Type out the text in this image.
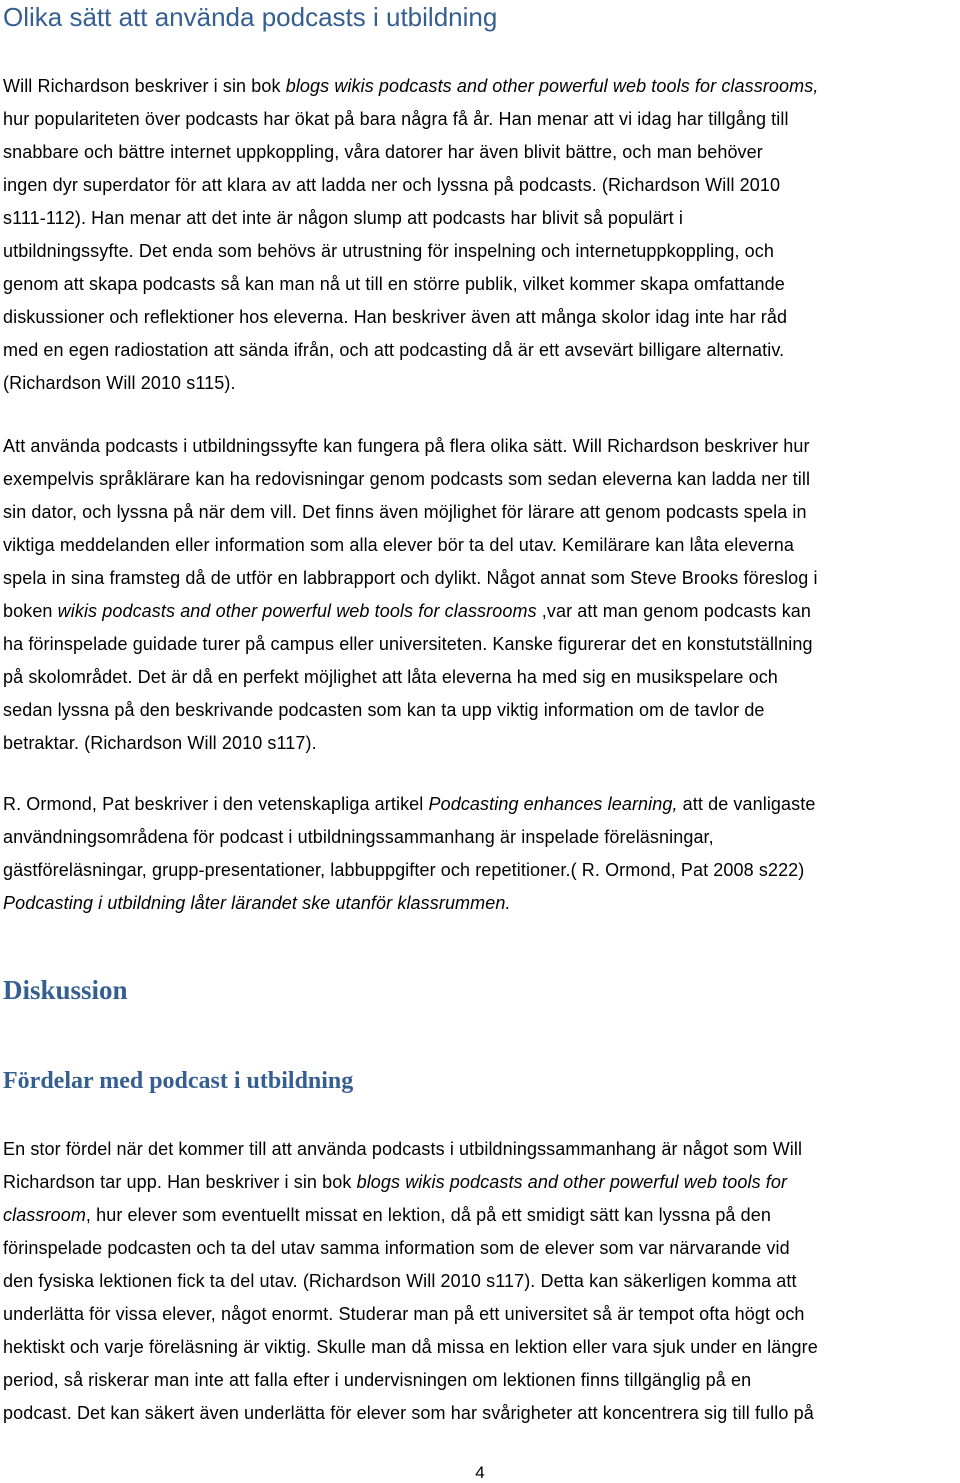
Olika sätt att använda podcasts i utbildning

Will Richardson beskriver i sin bok blogs wikis podcasts and other powerful web tools for classrooms,
hur populariteten över podcasts har ökat på bara några få år. Han menar att vi idag har tillgång till
snabbare och bättre internet uppkoppling, våra datorer har även blivit bättre, och man behöver
ingen dyr superdator för att klara av att ladda ner och lyssna på podcasts. (Richardson Will 2010
s111-112). Han menar att det inte är någon slump att podcasts har blivit så populärt i
utbildningssyfte. Det enda som behövs är utrustning för inspelning och internetuppkoppling, och
genom att skapa podcasts så kan man nå ut till en större publik, vilket kommer skapa omfattande
diskussioner och reflektioner hos eleverna. Han beskriver även att många skolor idag inte har råd
med en egen radiostation att sända ifrån, och att podcasting då är ett avsevärt billigare alternativ.
(Richardson Will 2010 s115).

Att använda podcasts i utbildningssyfte kan fungera på flera olika sätt. Will Richardson beskriver hur
exempelvis språklärare kan ha redovisningar genom podcasts som sedan eleverna kan ladda ner till
sin dator, och lyssna på när dem vill. Det finns även möjlighet för lärare att genom podcasts spela in
viktiga meddelanden eller information som alla elever bör ta del utav. Kemilärare kan låta eleverna
spela in sina framsteg då de utför en labbrapport och dylikt. Något annat som Steve Brooks föreslog i
boken wikis podcasts and other powerful web tools for classrooms ,var att man genom podcasts kan
ha förinspelade guidade turer på campus eller universiteten. Kanske figurerar det en konstutställning
på skolområdet. Det är då en perfekt möjlighet att låta eleverna ha med sig en musikspelare och
sedan lyssna på den beskrivande podcasten som kan ta upp viktig information om de tavlor de
betraktar. (Richardson Will 2010 s117).

R. Ormond, Pat beskriver i den vetenskapliga artikel Podcasting enhances learning, att de vanligaste
användningsområdena för podcast i utbildningssammanhang är inspelade föreläsningar,
gästföreläsningar, grupp-presentationer, labbuppgifter och repetitioner.( R. Ormond, Pat 2008 s222)
Podcasting i utbildning låter lärandet ske utanför klassrummen.

Diskussion
Fördelar med podcast i utbildning

En stor fördel när det kommer till att använda podcasts i utbildningssammanhang är något som Will
Richardson tar upp. Han beskriver i sin bok blogs wikis podcasts and other powerful web tools for
classroom, hur elever som eventuellt missat en lektion, då på ett smidigt sätt kan lyssna på den
förinspelade podcasten och ta del utav samma information som de elever som var närvarande vid
den fysiska lektionen fick ta del utav. (Richardson Will 2010 s117). Detta kan säkerligen komma att
underlätta för vissa elever, något enormt. Studerar man på ett universitet så är tempot ofta högt och
hektiskt och varje föreläsning är viktig. Skulle man då missa en lektion eller vara sjuk under en längre
period, så riskerar man inte att falla efter i undervisningen om lektionen finns tillgänglig på en
podcast. Det kan säkert även underlätta för elever som har svårigheter att koncentrera sig till fullo på

4
